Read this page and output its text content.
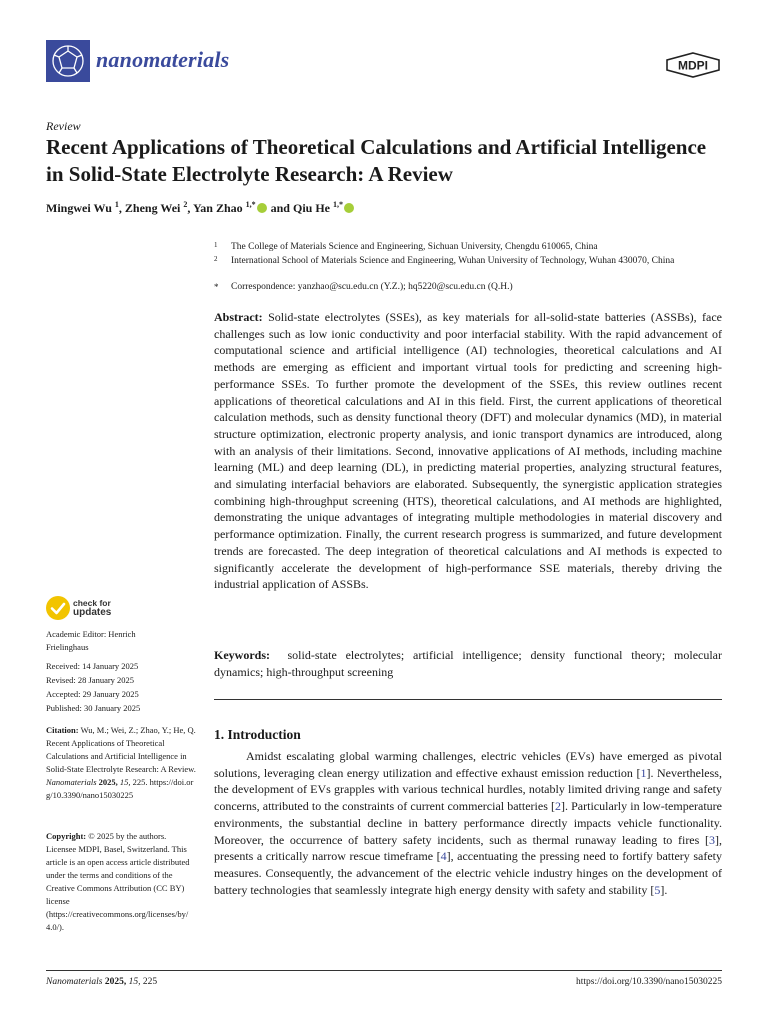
nanomaterials	MDPI
Review
Recent Applications of Theoretical Calculations and Artificial Intelligence in Solid-State Electrolyte Research: A Review
Mingwei Wu $^1$, Zheng Wei $^2$, Yan Zhao $^{1,*}$ and Qiu He $^{1,*}$
1 The College of Materials Science and Engineering, Sichuan University, Chengdu 610065, China
2 International School of Materials Science and Engineering, Wuhan University of Technology, Wuhan 430070, China
* Correspondence: yanzhao@scu.edu.cn (Y.Z.); hq5220@scu.edu.cn (Q.H.)

Abstract: Solid-state electrolytes (SSEs), as key materials for all-solid-state batteries (ASSBs), face challenges such as low ionic conductivity and poor interfacial stability. With the rapid advancement of computational science and artificial intelligence (AI) technologies, theoretical calculations and AI methods are emerging as efficient and important virtual tools for predicting and screening high-performance SSEs. To further promote the development of the SSEs, this review outlines recent applications of theoretical calculations and AI in this field. First, the current applications of theoretical calculation methods, such as density functional theory (DFT) and molecular dynamics (MD), in material structure optimization, electronic property analysis, and ionic transport dynamics are introduced, along with an analysis of their limitations. Second, innovative applications of AI methods, including machine learning (ML) and deep learning (DL), in predicting material properties, analyzing structural features, and simulating interfacial behaviors are elaborated. Subsequently, the synergistic application strategies combining high-throughput screening (HTS), theoretical calculations, and AI methods are highlighted, demonstrating the unique advantages of integrating multiple methodologies in material discovery and performance optimization. Finally, the current research progress is summarized, and future development trends are forecasted. The deep integration of theoretical calculations and AI methods is expected to significantly accelerate the development of high-performance SSE materials, thereby driving the industrial application of ASSBs.

Keywords: solid-state electrolytes; artificial intelligence; density functional theory; molecular dynamics; high-throughput screening

1. Introduction

Amidst escalating global warming challenges, electric vehicles (EVs) have emerged as pivotal solutions, leveraging clean energy utilization and effective exhaust emission reduction [1]. Nevertheless, the development of EVs grapples with various technical hurdles, notably limited driving range and safety concerns, attributed to the constraints of current commercial batteries [2]. Particularly in low-temperature environments, the substantial decline in battery performance directly impacts vehicle functionality. Moreover, the occurrence of battery safety incidents, such as thermal runaway leading to fires [3], presents a critically narrow rescue timeframe [4], accentuating the pressing need to fortify battery safety measures. Consequently, the advancement of the electric vehicle industry hinges on the development of battery technologies that seamlessly integrate high energy density with safety and stability [5].

check for
updates
Academic Editor: Henrich Frielinghaus
Received: 14 January 2025
Revised: 28 January 2025
Accepted: 29 January 2025
Published: 30 January 2025
Citation: Wu, M.; Wei, Z.; Zhao, Y.; He, Q. Recent Applications of Theoretical Calculations and Artificial Intelligence in Solid-State Electrolyte Research: A Review. Nanomaterials 2025, 15, 225. https://doi.org/10.3390/nano15030225
Copyright: © 2025 by the authors. Licensee MDPI, Basel, Switzerland. This article is an open access article distributed under the terms and conditions of the Creative Commons Attribution (CC BY) license (https://creativecommons.org/licenses/by/4.0/).
Nanomaterials 2025, 15, 225	https://doi.org/10.3390/nano15030225
